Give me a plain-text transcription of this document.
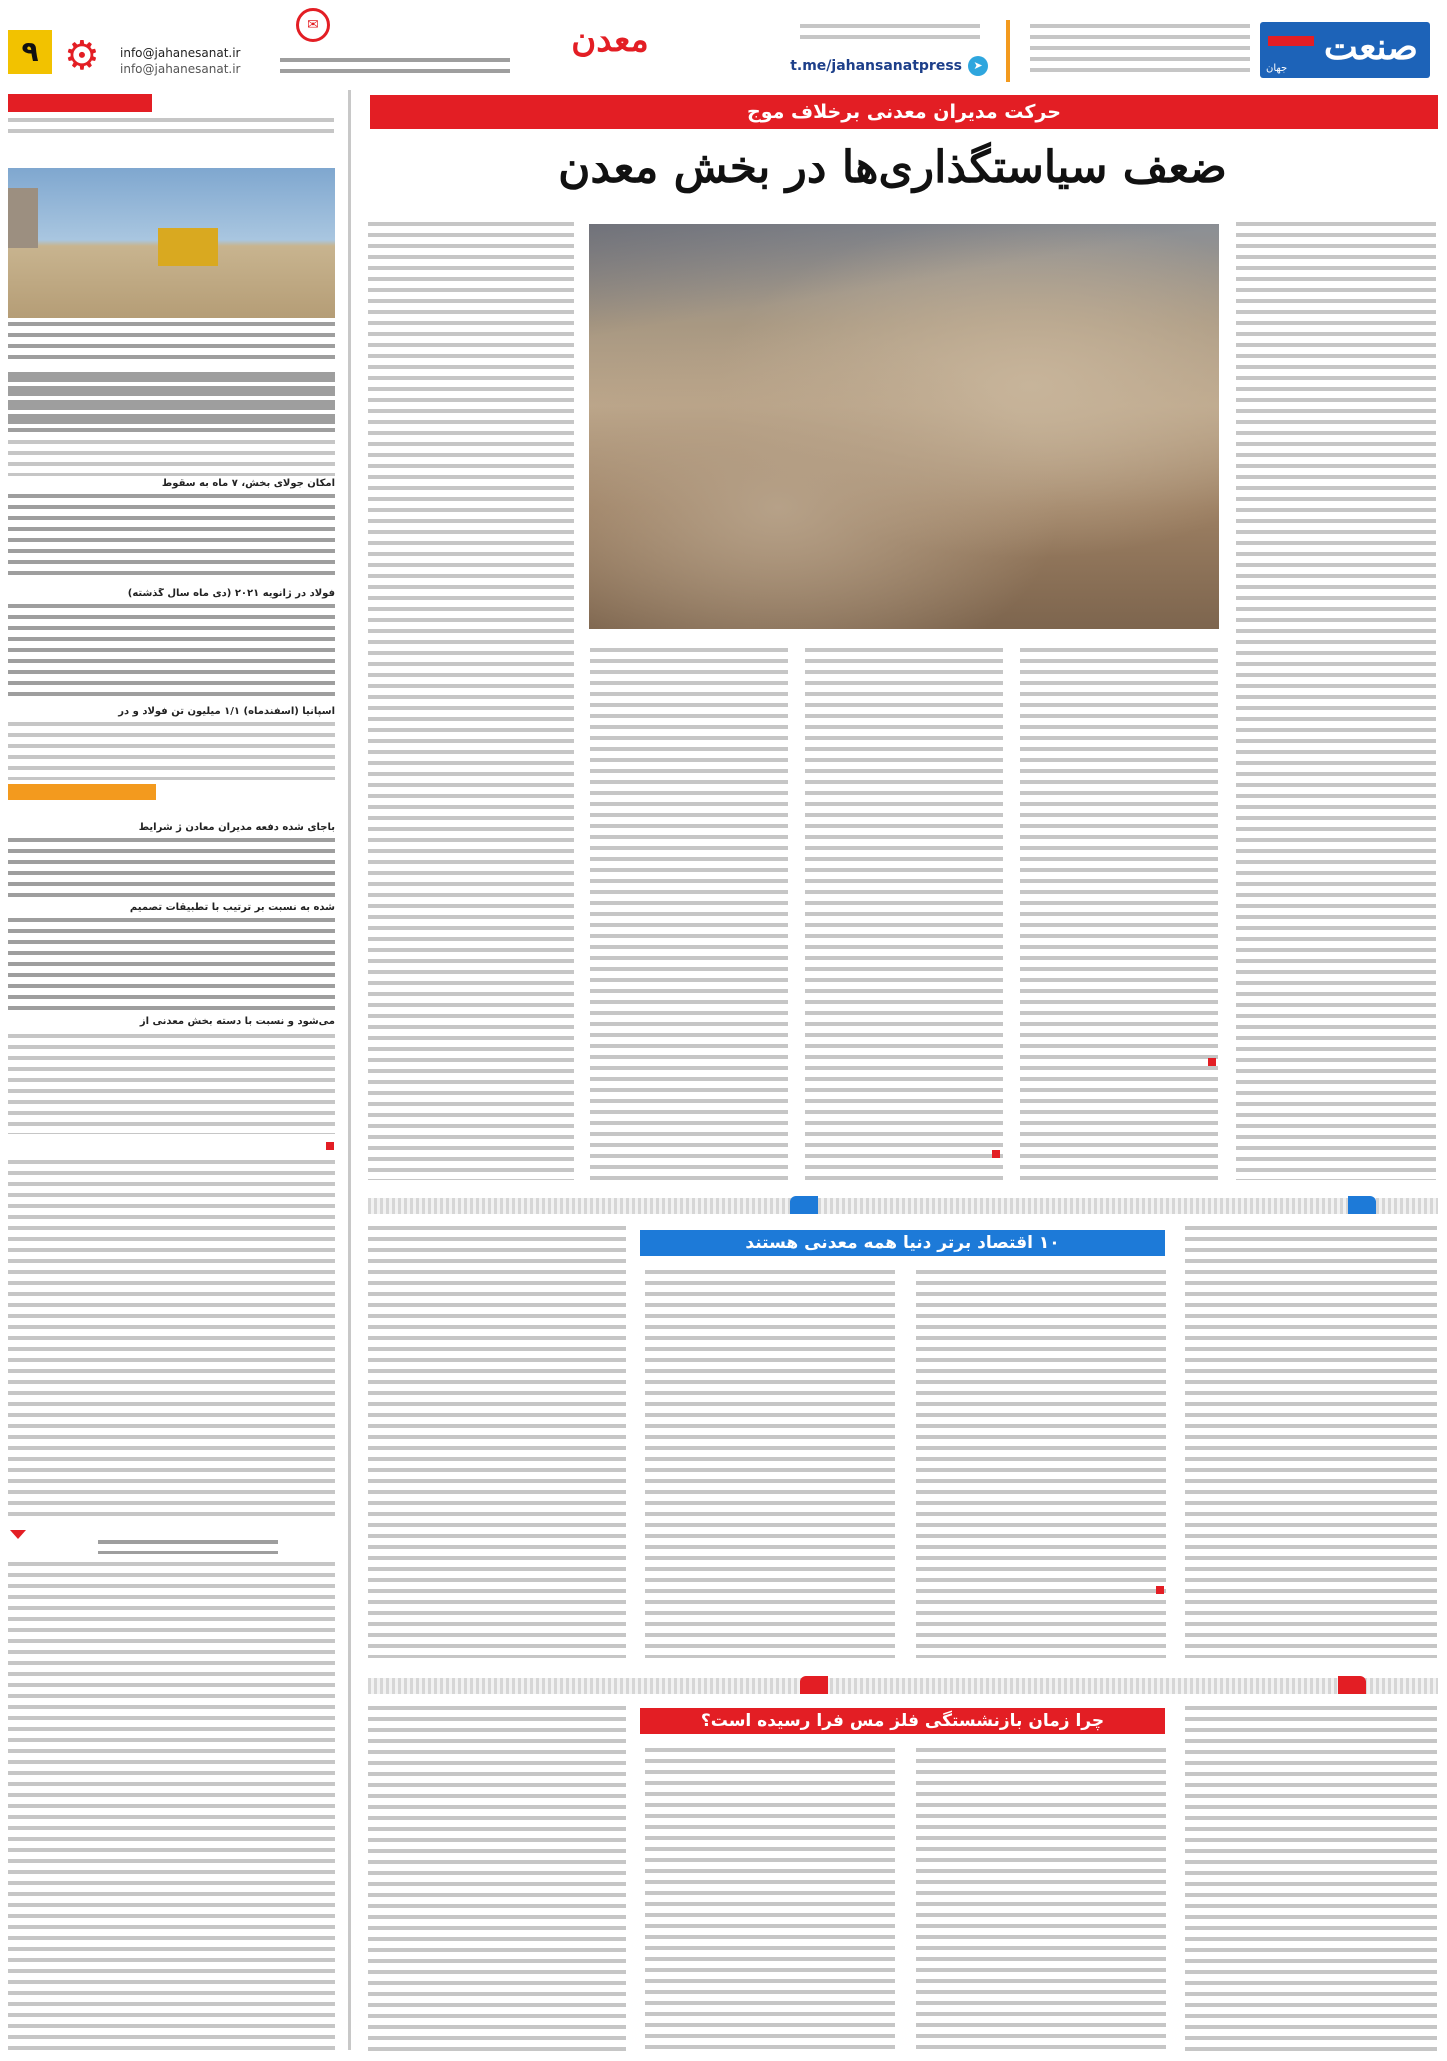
صنعت
جهان
➤
t.me/jahansanatpress
معدن
info@jahanesanat.ir
info@jahanesanat.ir
✉
⚙
۹
حرکت مدیران معدنی برخلاف موج
ضعف سیاستگذاری‌ها در بخش معدن
۱۰ اقتصاد برتر دنیا همه معدنی هستند
چرا زمان بازنشستگی فلز مس فرا رسیده است؟
امکان جولای بخش، ۷ ماه به سقوط
فولاد در ژانویه ۲۰۲۱ (دی ماه سال گذشته)
اسپانیا (اسفندماه) ۱/۱ میلیون تن فولاد و در
باجای شده دفعه مدیران معادن ژ شرایط
شده به نسبت بر ترتیب با تطبیقات تصمیم
می‌شود و نسبت با دسته بخش معدنی از
